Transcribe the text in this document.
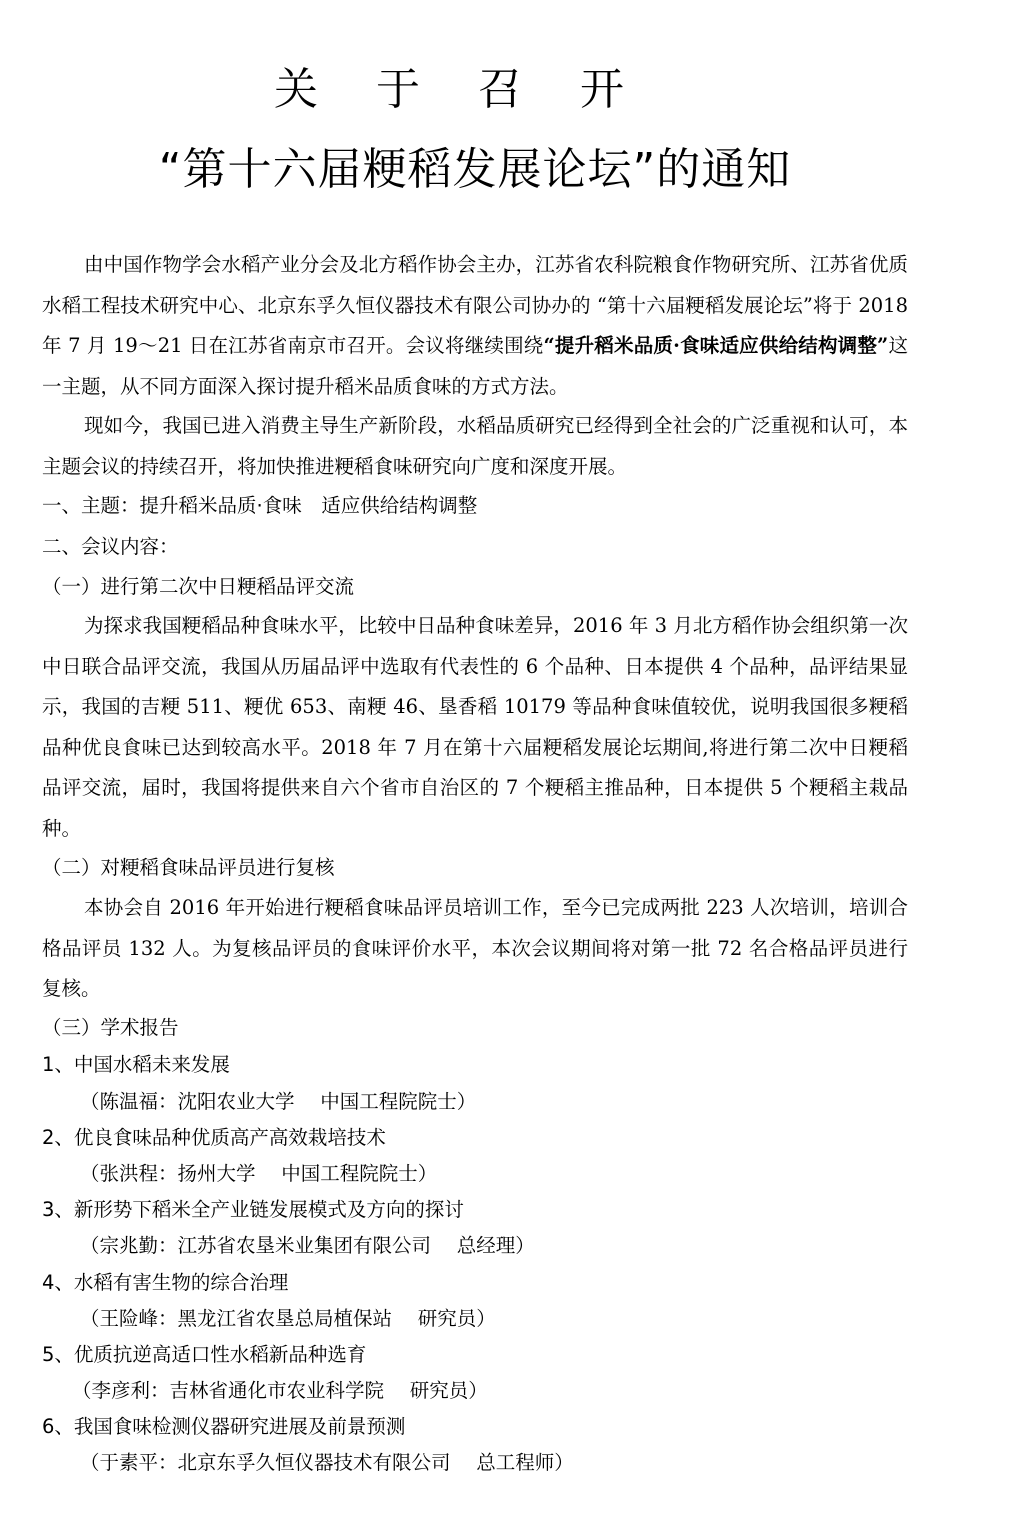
关 于 召 开
“第十六届粳稻发展论坛”的通知

由中国作物学会水稻产业分会及北方稻作协会主办，江苏省农科院粮食作物研究所、江苏省优质水稻工程技术研究中心、北京东孚久恒仪器技术有限公司协办的 “第十六届粳稻发展论坛”将于 2018 年 7 月 19～21 日在江苏省南京市召开。会议将继续围绕“提升稻米品质·食味适应供给结构调整”这一主题，从不同方面深入探讨提升稻米品质食味的方式方法。

现如今，我国已进入消费主导生产新阶段，水稻品质研究已经得到全社会的广泛重视和认可，本主题会议的持续召开，将加快推进粳稻食味研究向广度和深度开展。

一、主题：提升稻米品质·食味　适应供给结构调整
二、会议内容：
（一）进行第二次中日粳稻品评交流

为探求我国粳稻品种食味水平，比较中日品种食味差异，2016 年 3 月北方稻作协会组织第一次中日联合品评交流，我国从历届品评中选取有代表性的 6 个品种、日本提供 4 个品种，品评结果显示，我国的吉粳 511、粳优 653、南粳 46、垦香稻 10179 等品种食味值较优，说明我国很多粳稻品种优良食味已达到较高水平。2018 年 7 月在第十六届粳稻发展论坛期间,将进行第二次中日粳稻品评交流，届时，我国将提供来自六个省市自治区的 7 个粳稻主推品种，日本提供 5 个粳稻主栽品种。

（二）对粳稻食味品评员进行复核

本协会自 2016 年开始进行粳稻食味品评员培训工作，至今已完成两批 223 人次培训，培训合格品评员 132 人。为复核品评员的食味评价水平，本次会议期间将对第一批 72 名合格品评员进行复核。

（三）学术报告
1、中国水稻未来发展
（陈温福：沈阳农业大学　 中国工程院院士）
2、优良食味品种优质高产高效栽培技术
（张洪程：扬州大学　 中国工程院院士）
3、新形势下稻米全产业链发展模式及方向的探讨
（宗兆勤：江苏省农垦米业集团有限公司　 总经理）
4、水稻有害生物的综合治理
（王险峰：黑龙江省农垦总局植保站　 研究员）
5、优质抗逆高适口性水稻新品种选育
（李彦利：吉林省通化市农业科学院　 研究员）
6、我国食味检测仪器研究进展及前景预测
（于素平：北京东孚久恒仪器技术有限公司　 总工程师）
